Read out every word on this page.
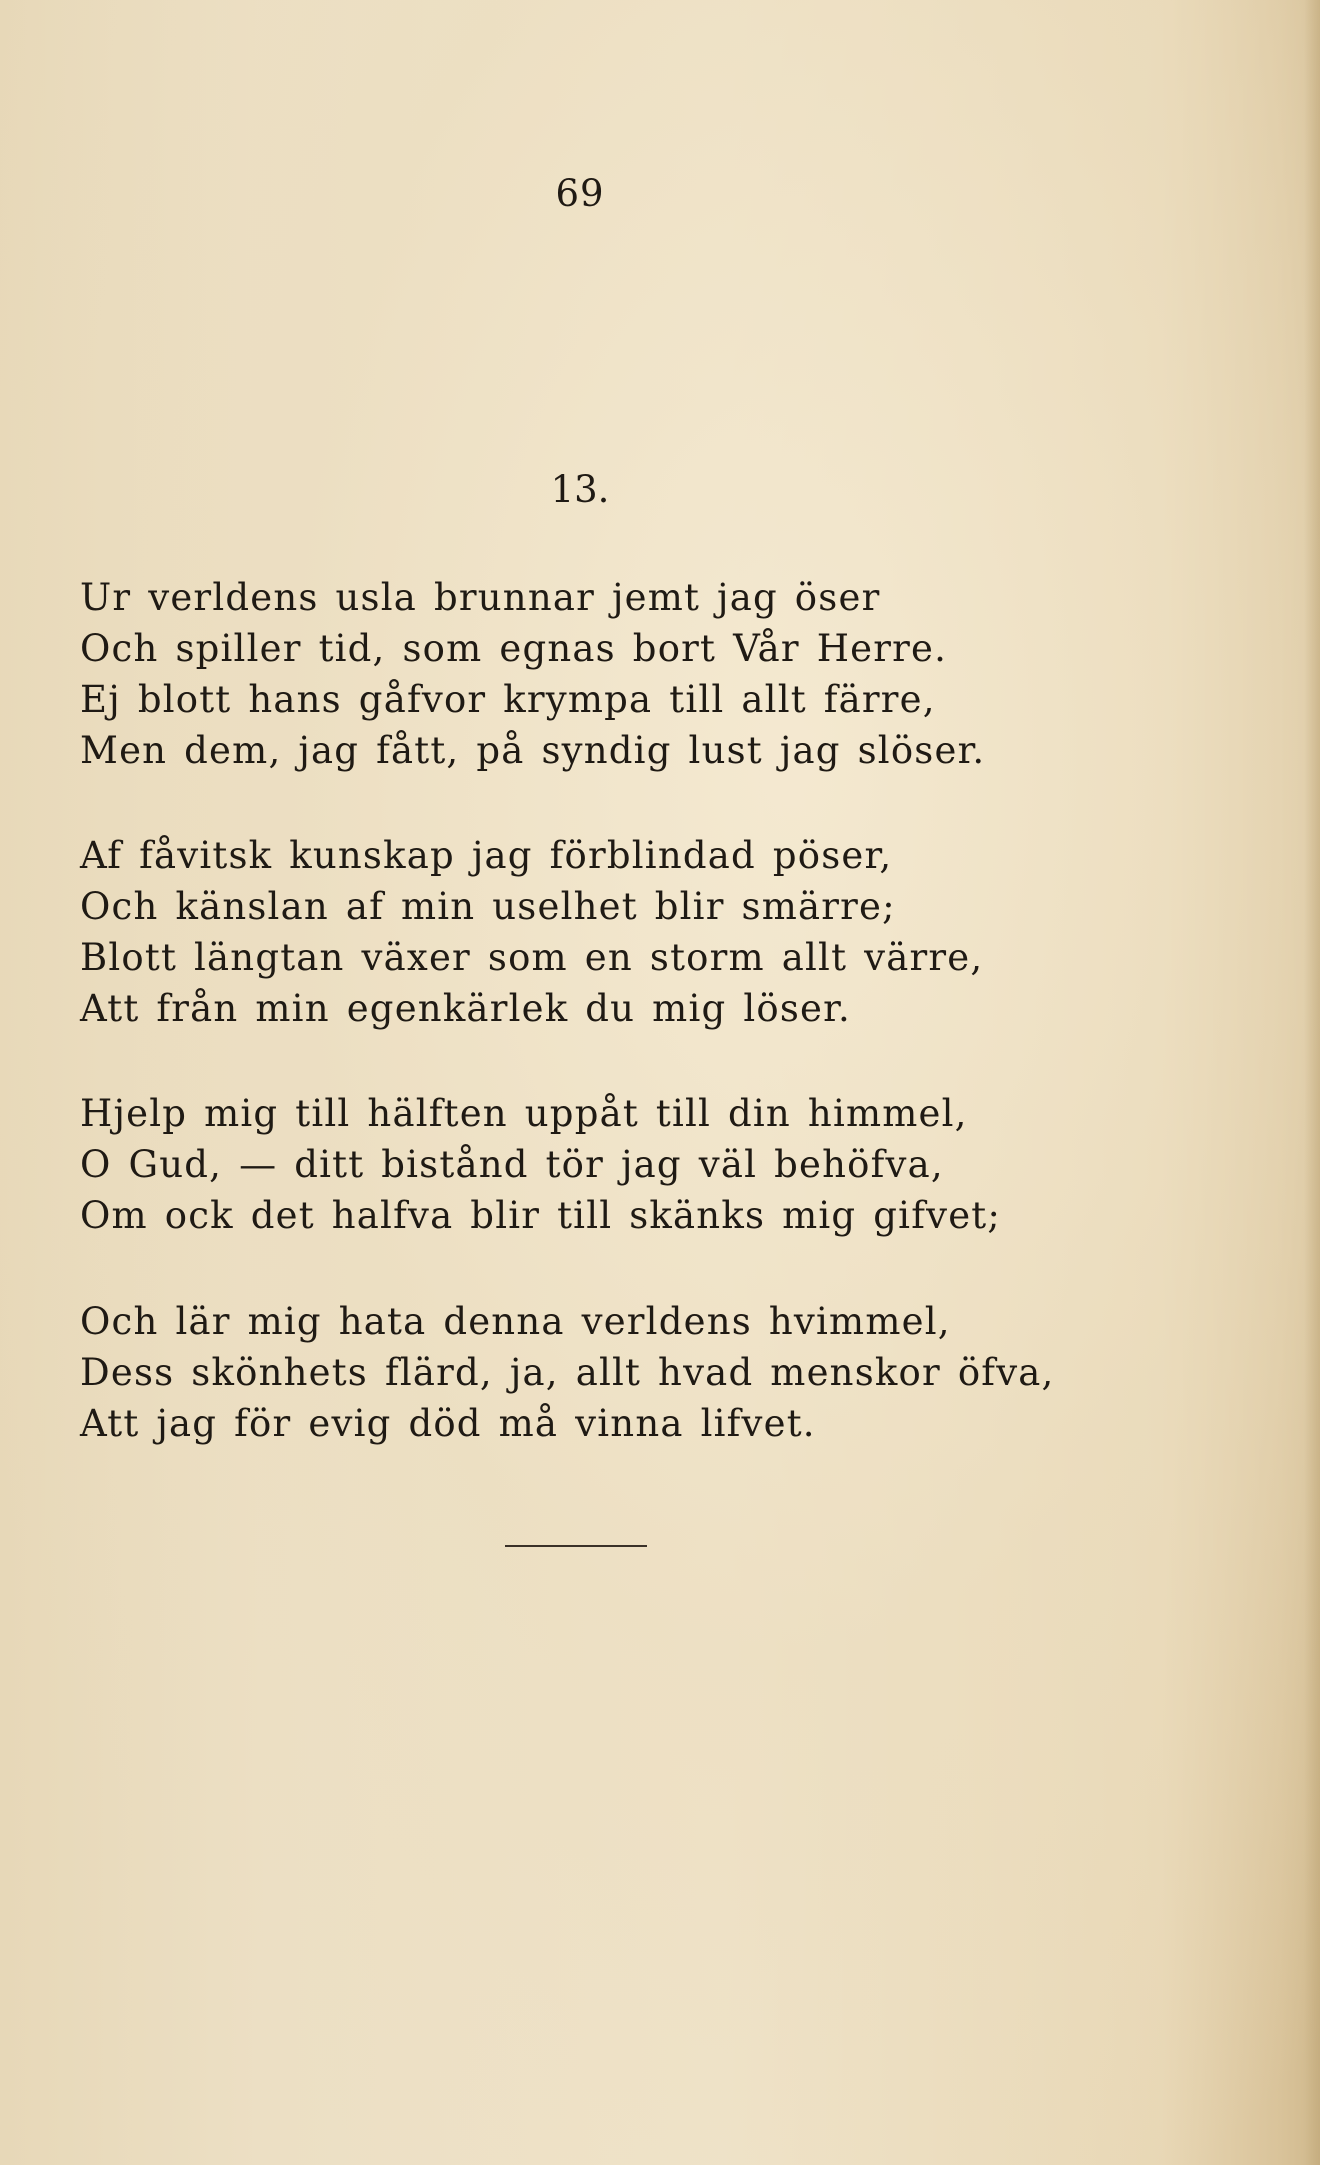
69
13.
Ur verldens usla brunnar jemt jag öser
Och spiller tid, som egnas bort Vår Herre.
Ej blott hans gåfvor krympa till allt färre,
Men dem, jag fått, på syndig lust jag slöser.
Af fåvitsk kunskap jag förblindad pöser,
Och känslan af min uselhet blir smärre;
Blott längtan växer som en storm allt värre,
Att från min egenkärlek du mig löser.
Hjelp mig till hälften uppåt till din himmel,
O Gud, — ditt bistånd tör jag väl behöfva,
Om ock det halfva blir till skänks mig gifvet;
Och lär mig hata denna verldens hvimmel,
Dess skönhets flärd, ja, allt hvad menskor öfva,
Att jag för evig död må vinna lifvet.
